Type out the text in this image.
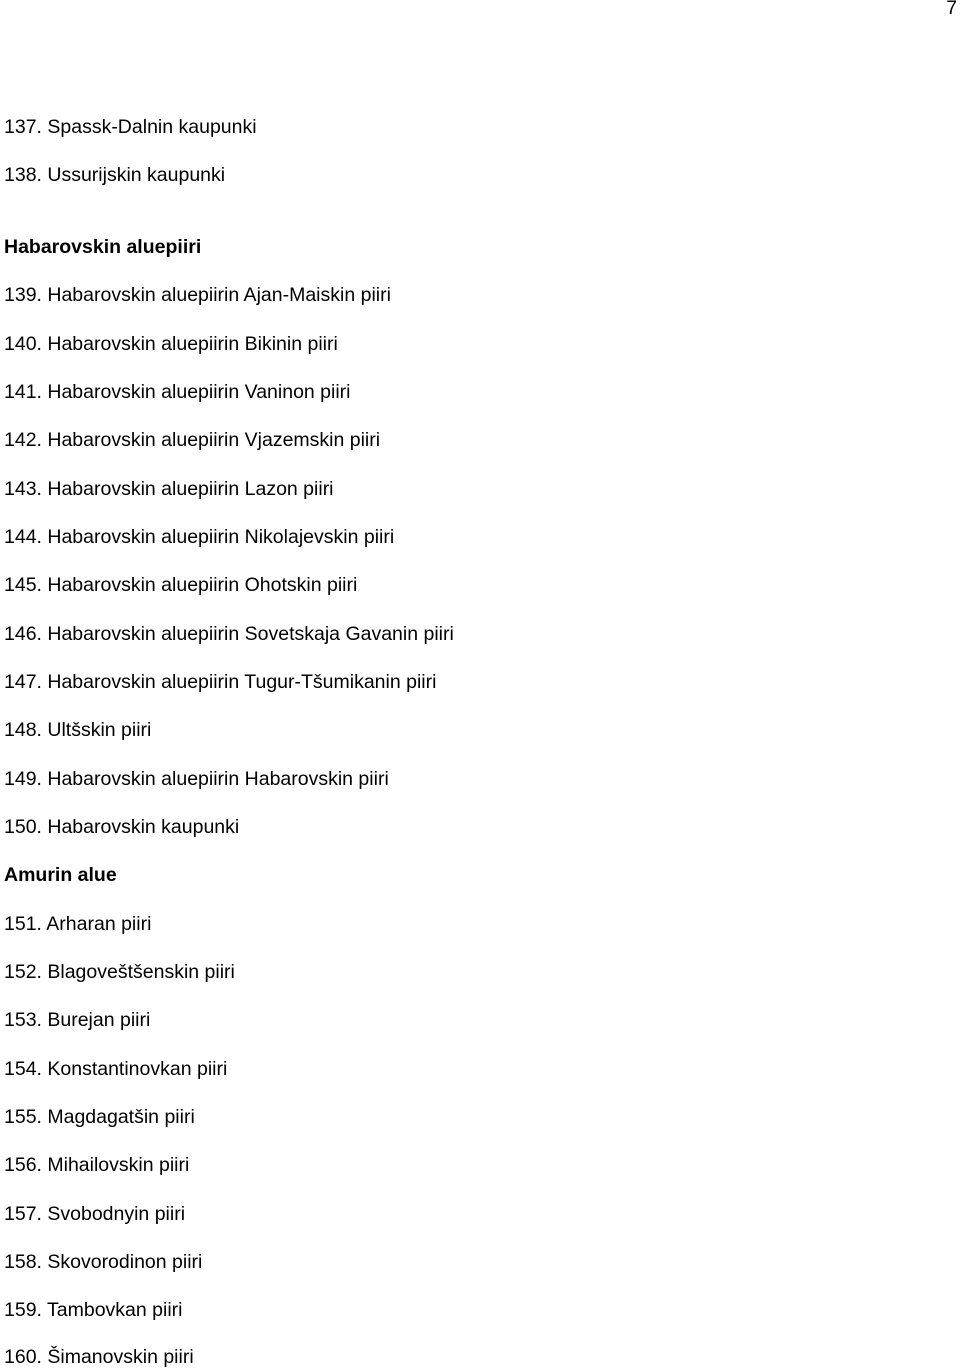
7
137. Spassk-Dalnin kaupunki
138. Ussurijskin kaupunki
Habarovskin aluepiiri
139. Habarovskin aluepiirin Ajan-Maiskin piiri
140. Habarovskin aluepiirin Bikinin piiri
141. Habarovskin aluepiirin Vaninon piiri
142. Habarovskin aluepiirin Vjazemskin piiri
143. Habarovskin aluepiirin Lazon piiri
144. Habarovskin aluepiirin Nikolajevskin piiri
145. Habarovskin aluepiirin Ohotskin piiri
146. Habarovskin aluepiirin Sovetskaja Gavanin piiri
147. Habarovskin aluepiirin Tugur-Tšumikanin piiri
148. Ultšskin piiri
149. Habarovskin aluepiirin Habarovskin piiri
150. Habarovskin kaupunki
Amurin alue
151. Arharan piiri
152. Blagoveštšenskin piiri
153. Burejan piiri
154. Konstantinovkan piiri
155. Magdagatšin piiri
156. Mihailovskin piiri
157. Svobodnyin piiri
158. Skovorodinon piiri
159. Tambovkan piiri
160. Šimanovskin piiri
